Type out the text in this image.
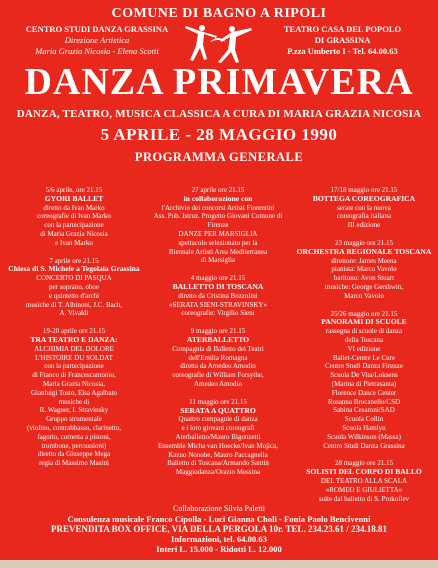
COMUNE DI BAGNO A RIPOLI
CENTRO STUDI DANZA GRASSINA
Direzione Artistica
Maria Grazia Nicosia - Elena Scotti
TEATRO CASA DEL POPOLO
DI GRASSINA
P.zza Umberto I - Tel. 64.00.63
DANZA PRIMAVERA
DANZA, TEATRO, MUSICA CLASSICA A CURA DI MARIA GRAZIA NICOSIA
5 APRILE - 28 MAGGIO 1990
PROGRAMMA GENERALE
5/6 aprile, ore 21.15
GYORI BALLET
diretto da Ivan Marko
coreografie di Ivan Marko
con la partecipazione
di Maria Grazia Nicosia
e Ivan Marko
7 aprile ore 21.15
Chiesa di S. Michele a Tegolaia Grassina
CONCERTO DI PASQUA
per soprano, oboe
e quintetto d'archi
musiche di T. Albinoni, J.C. Bach,
A. Vivaldi
19-20 aprile ore 21.15
TRA TEATRO E DANZA:
ALCHIMIA DEL DOLORE
L'HISTOIRE DU SOLDAT
con la partecipazione
di Franco di Francescantonio,
Maria Grazia Nicosia,
Gianluigi Tosto, Elsa Agalbato
musiche di
R. Wagner, I. Stravinsky
Gruppo strumentale
(violino, contrabbasso, clarinetto,
fagotto, cornetta a pistoni,
trombone, percussioni)
diretto da Giuseppe Mega
regia di Massimo Masini
27 aprile ore 21.15
in collaborazione con
l'Archivio dei concorsi Artisti Fiorentini
Ass. Pub. Istruz. Progetto Giovani Comune di Firenze
DANZE PER MARSIGLIA
spettacolo selezionato per la
Biennale Artisti Area Mediterranea
di Marsiglia
4 maggio ore 21.15
BALLETTO DI TOSCANA
diretto da Cristina Bozzolini
«SERATA SIENI-STRAVINSKY»
coreografie: Virgilio Sieni
9 maggio ore 21.15
ATERBALLETTO
Compagnia di Balletto dei Teatri
dell'Emilia Romagna
diretta da Amedeo Amodio
coreografie di William Forsythe,
Amedeo Amodio
11 maggio ore 21.15
SERATA A QUATTRO
Quattro compagnie di danza
e i loro giovani coreografi
Aterballetto/Mauro Bigonzetti
Ensemble Micha van Hoecke/Ivan Mojica,
Kazuo Nonobe, Mauro Paccagnella
Balletto di Toscana/Armando Santin
Maggiodanza/Orazio Messina
17/18 maggio ore 21.15
BOTTEGA COREOGRAFICA
serate con la nuova
coreografia italiana
III edizione
23 maggio ore 21.15
ORCHESTRA REGIONALE TOSCANA
direttore: James Meena
pianista: Marco Vavolo
baritono: Avon Stuart
musiche: George Gershwin,
Marco Vavolo
25/26 maggio ore 21.15
PANORAMI DI SCUOLE
rassegna di scuole di danza
della Toscana
VI edizione
Ballet-Centre Le Cure
Centro Studi Danza Firenze
Scuola De Vita/Loksens
(Marina di Pietrasanta)
Florence Dance Center
Rosanna Brocanello/CSD
Sabina Cesaroni/SAD
Scuola Collin
Scuola Hamlyn
Scuola Wilkinson (Massa)
Centro Studi Danza Grassina
28 maggio ore 21.15
SOLISTI DEL CORPO DI BALLO
DEL TEATRO ALLA SCALA
«ROMEO E GIULIETTA»
suite dal balletto di S. Prokofiev
Collaborazione Silvia Paletti
Consulenza musicale Franco Cipolla - Luci Gianna Choli - Fonia Paolo Bencivenni
PREVENDITA BOX OFFICE, VIA DELLA PERGOLA 10r. TEL. 234.23.61 / 234.18.81
Informazioni, tel. 64.00.63
Interi L. 15.000 - Ridotti L. 12.000
